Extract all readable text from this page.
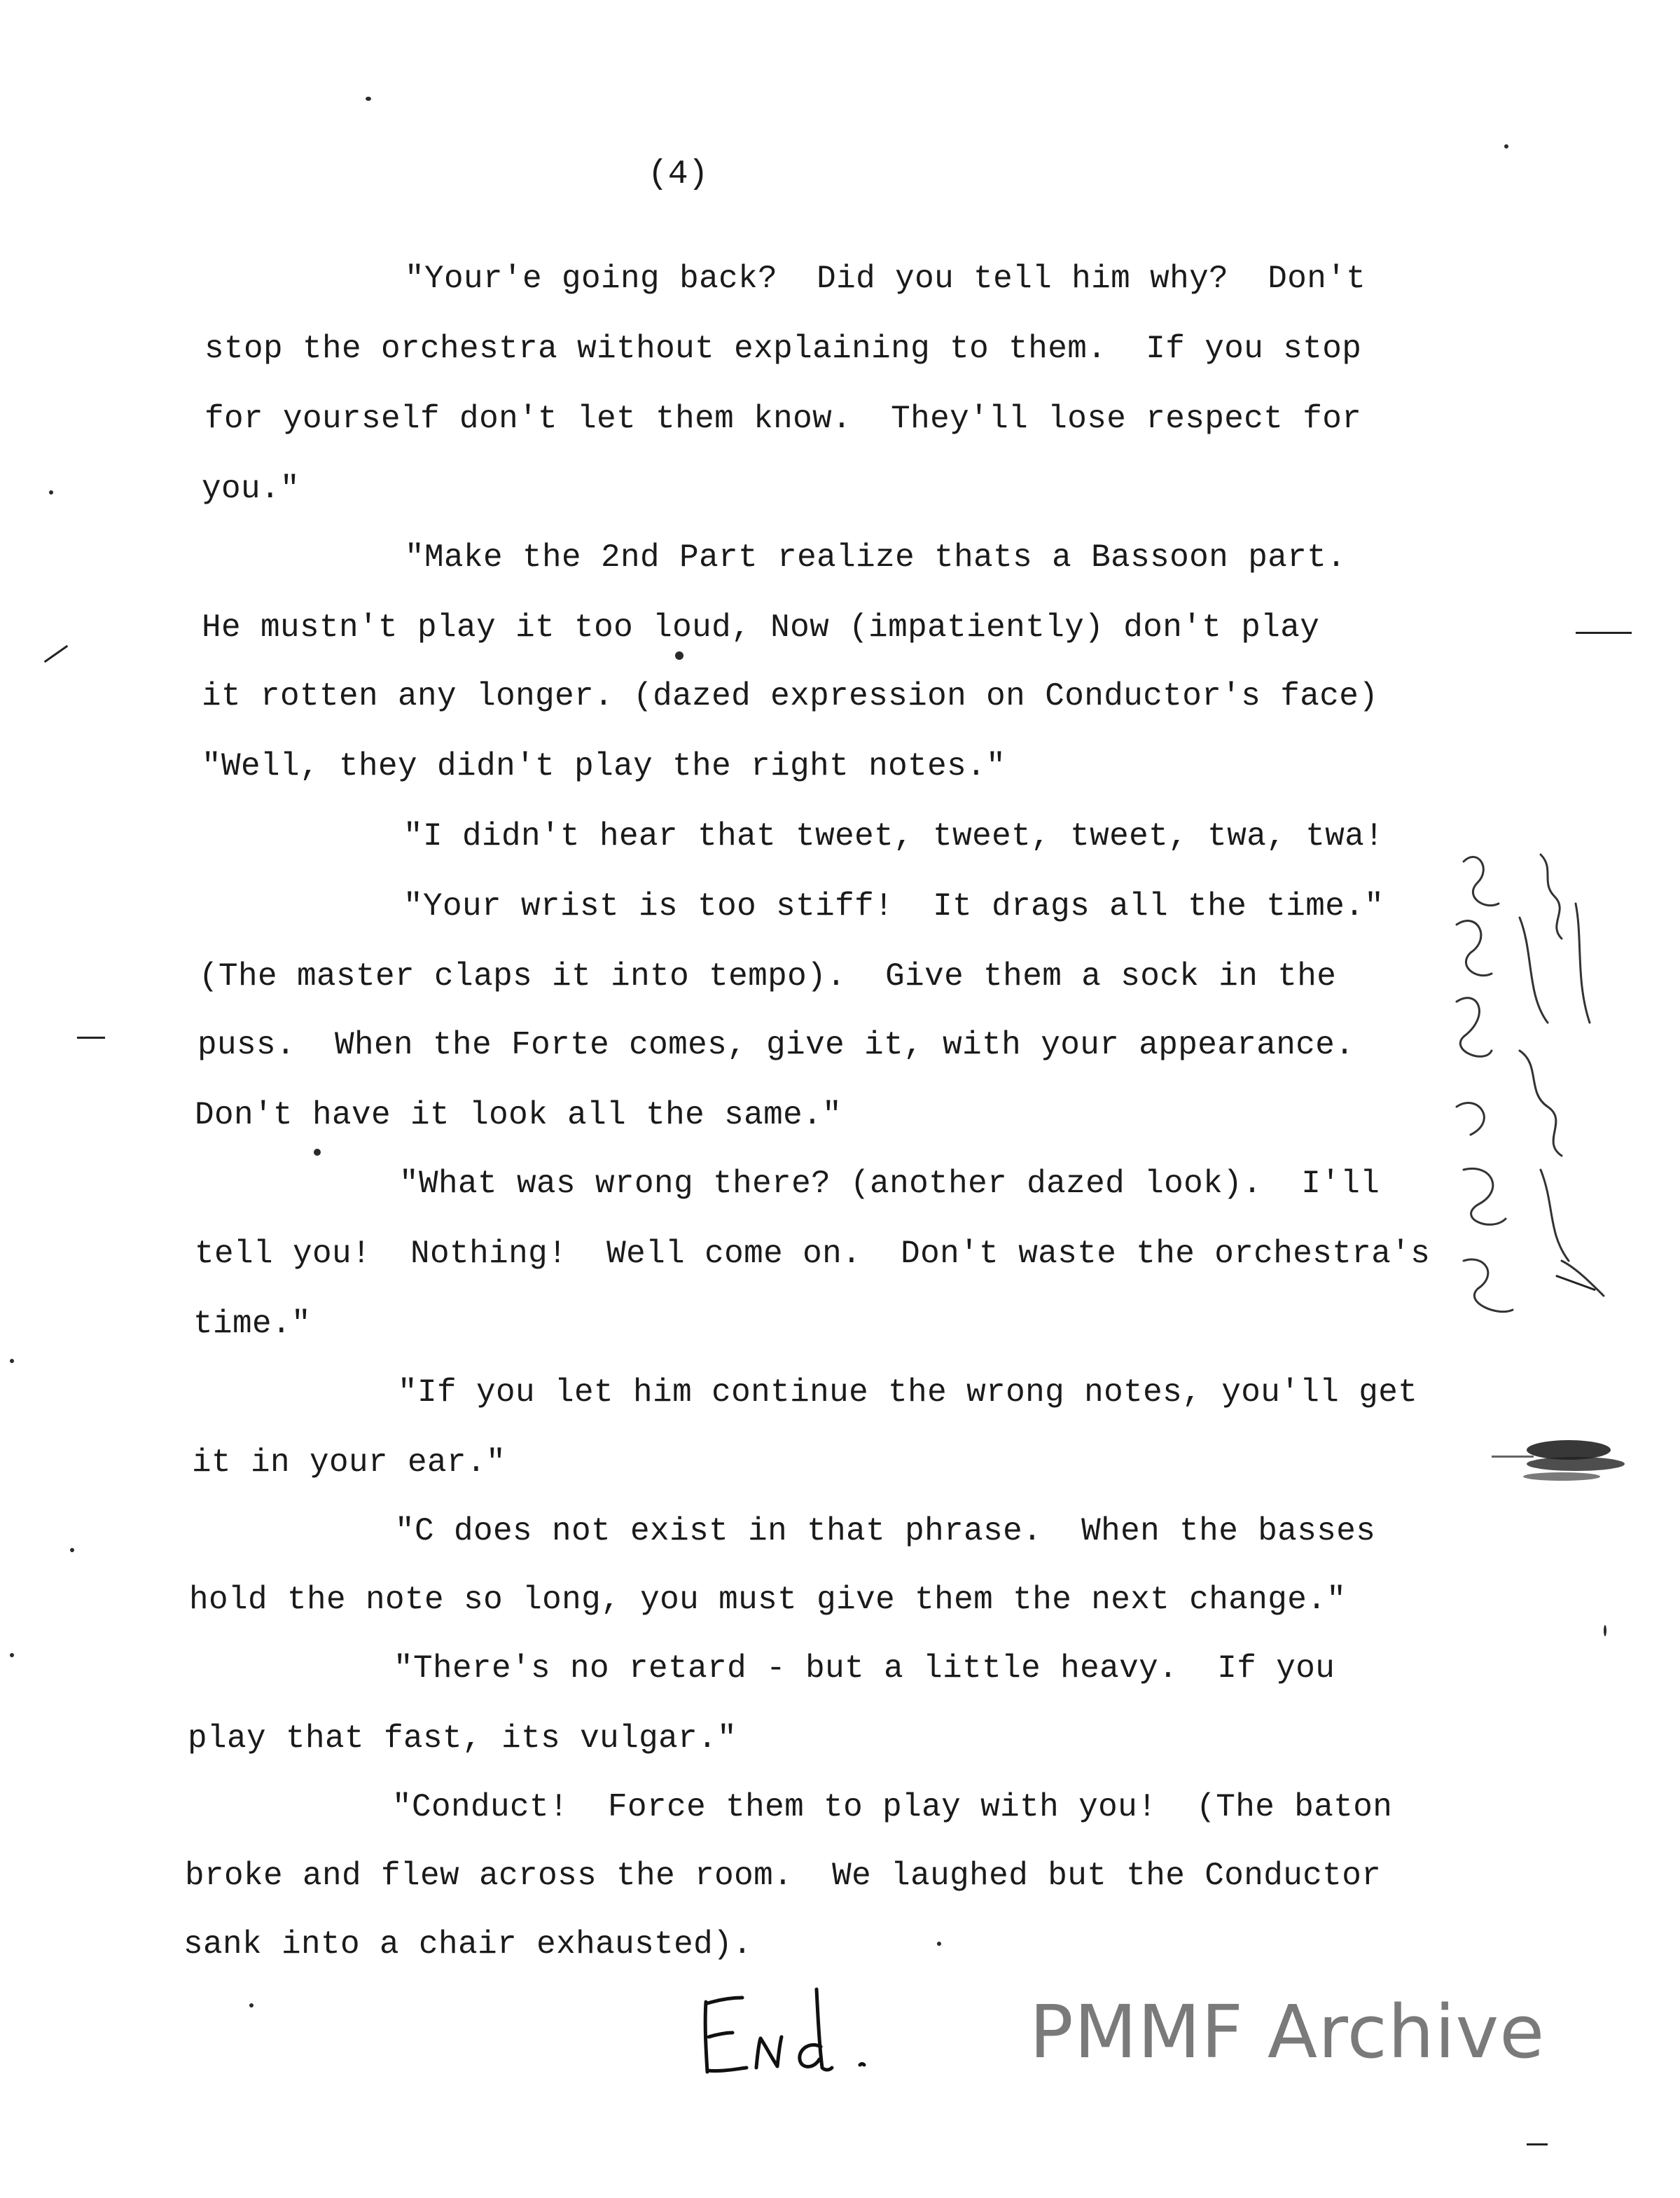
(4)

"Your'e going back?  Did you tell him why?  Don't

stop the orchestra without explaining to them.  If you stop

for yourself don't let them know.  They'll lose respect for

you."

"Make the 2nd Part realize thats a Bassoon part.

He mustn't play it too loud, Now (impatiently) don't play

it rotten any longer. (dazed expression on Conductor's face)

"Well, they didn't play the right notes."

"I didn't hear that tweet, tweet, tweet, twa, twa!

"Your wrist is too stiff!  It drags all the time."

(The master claps it into tempo).  Give them a sock in the

puss.  When the Forte comes, give it, with your appearance.

Don't have it look all the same."

"What was wrong there? (another dazed look).  I'll

tell you!  Nothing!  Well come on.  Don't waste the orchestra's

time."

"If you let him continue the wrong notes, you'll get

it in your ear."

"C does not exist in that phrase.  When the basses

hold the note so long, you must give them the next change."

"There's no retard - but a little heavy.  If you

play that fast, its vulgar."

"Conduct!  Force them to play with you!  (The baton

broke and flew across the room.  We laughed but the Conductor

sank into a chair exhausted).

PMMF Archive
